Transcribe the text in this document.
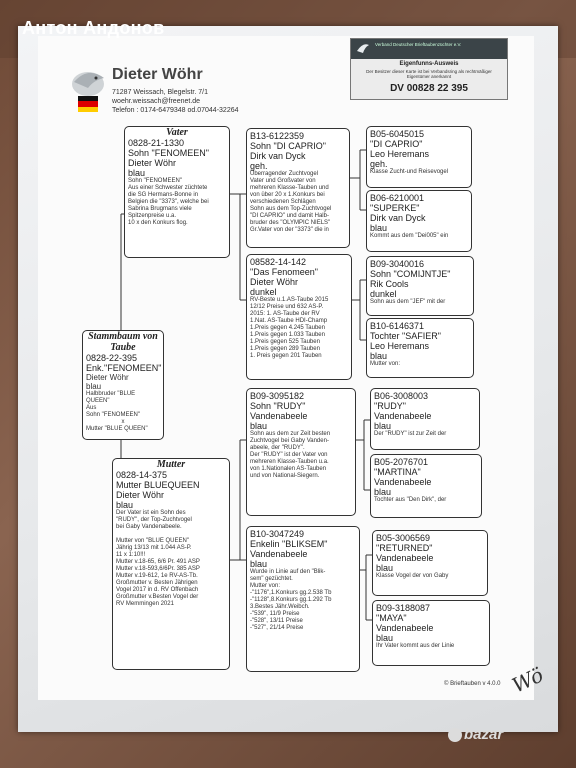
Антон Андонов
Dieter Wöhr
71287 Weissach, Blegelstr. 7/1
woehr.weissach@freenet.de
Telefon : 0174-6479348 od.07044-32264
Verband Deutscher Brieftaubenzüchter e.V.
Eigenfunns-Ausweis
Der Besitzer dieser Karte ist bei Verbandsring als rechtmäßiger Eigentümer anerkannt
DV 00828 22 395
Stammbaum von Taube
0828-22-395
Enk."FENOMEEN"
Dieter Wöhr
blau
Halbbruder "BLUE QUEEN"
Aus
Sohn "FENOMEEN"
x
Mutter "BLUE QUEEN"
Vater
0828-21-1330
Sohn "FENOMEEN"
Dieter Wöhr
blau
Sohn "FENOMEEN"
Aus einer Schwester züchtete
die SG Hermans-Bonne in
Belgien die "3373", welche bei
Sabrina Brugmans viele
Spitzenpreise u.a.
10 x den Konkurs flog.
Mutter
0828-14-375
Mutter BLUEQUEEN
Dieter Wöhr
blau
Der Vater ist ein Sohn des
"RUDY", der Top-Zuchtvogel
bei Gaby Vandenabeele.

Mutter von "BLUE QUEEN"
Jährig 13/13 mit 1.044 AS-P.
11 x 1:10!!!
Mutter v.18-65, 6/6 Pr. 491 ASP
Mutter v.18-593,6/6Pr. 385 ASP
Mutter v.19-612, 1e RV-AS-Tb.
Großmutter v. Besten Jährigen
Vogel 2017 in d. RV Offenbach
Großmutter v.Besten Vogel der
RV Memmingen 2021
B13-6122359
Sohn "DI CAPRIO"
Dirk van Dyck
geh.
Überragender Zuchtvogel
Vater und Großvater von
mehreren Klasse-Tauben und
von über 20 x 1.Konkurs bei
verschiedenen Schlägen
Sohn aus dem Top-Zuchtvogel
"DI CAPRIO" und damit Halb-
bruder des "OLYMPIC NIELS"
Gr.Vater von der "3373" die in
08582-14-142
"Das Fenomeen"
Dieter Wöhr
dunkel
RV-Beste u.1.AS-Taube 2015
12/12 Preise und 632 AS-P.
2015: 1. AS-Taube der RV
1.Nat. AS-Taube HDI-Champ
1.Preis gegen 4.245 Tauben
1.Preis gegen 1.033 Tauben
1.Preis gegen 525 Tauben
1.Preis gegen 289 Tauben
1. Preis gegen 201 Tauben
B09-3095182
Sohn "RUDY"
Vandenabeele
blau
Sohn aus dem zur Zeit besten
Zuchtvogel bei Gaby Vanden-
abeele, der "RUDY".
Der "RUDY" ist der Vater von
mehreren Klasse-Tauben u.a.
von 1.Nationalen AS-Tauben
und von National-Siegern.
B10-3047249
Enkelin "BLIKSEM"
Vandenabeele
blau
Wurde in Linie auf den "Blik-
sem" gezüchtet.
Mutter von:
-"1176",1.Konkurs gg.2.538 Tb
-"1128",8.Konkurs gg.1.292 Tb
3.Bestes Jähr.Weibch.
-"539", 11/9 Preise
-"528", 13/11 Preise
-"527", 21/14 Preise
B05-6045015
"DI CAPRIO"
Leo Heremans
geh.
Klasse Zucht-und Reisevogel
B06-6210001
"SUPERKE"
Dirk van Dyck
blau
Kommt aus dem "Dei005" ein
B09-3040016
Sohn "COMIJNTJE"
Rik Cools
dunkel
Sohn aus dem "JEF" mit der
B10-6146371
Tochter "SAFIER"
Leo Heremans
blau
Mutter von:
B06-3008003
"RUDY"
Vandenabeele
blau
Der "RUDY" ist zur Zeit der
B05-2076701
"MARTINA"
Vandenabeele
blau
Tochter aus "Den Dirk", der
B05-3006569
"RETURNED"
Vandenabeele
blau
Klasse Vogel der von Gaby
B09-3188087
"MAYA"
Vandenabeele
blau
Ihr Vater kommt aus der Linie
© Brieftauben v 4.0.0 Wö
bazar
